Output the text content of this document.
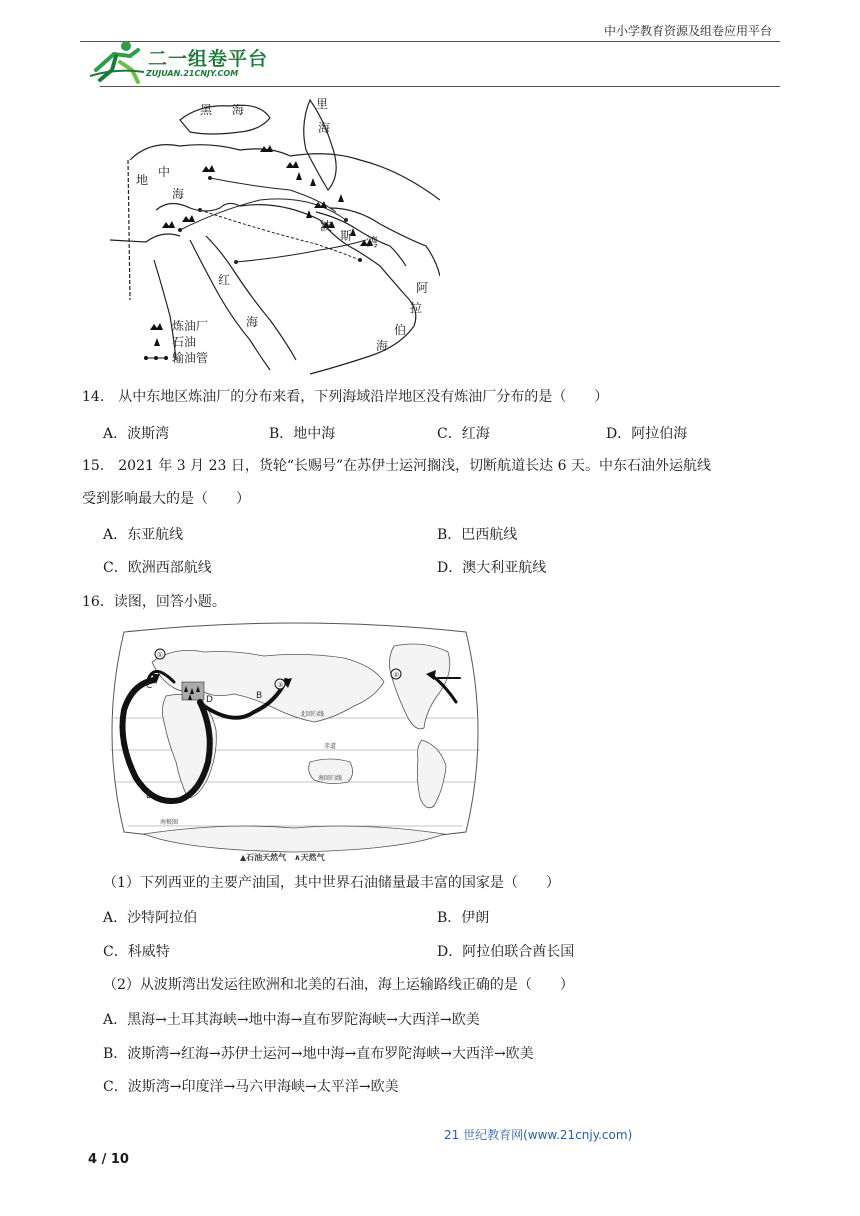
中小学教育资源及组卷应用平台
二一组卷平台
ZUJUAN.21CNJY.COM
黑 海	里
海
地
中
海
波
斯 湾
红
海
阿
拉
伯
海
炼油厂
石油
输油管
14.　从中东地区炼油厂的分布来看，下列海域沿岸地区没有炼油厂分布的是（　　）
A．波斯湾	B．地中海	C．红海	D．阿拉伯海
15.　2021 年 3 月 23 日，货轮“长赐号”在苏伊士运河搁浅，切断航道长达 6 天。中东石油外运航线
受到影响最大的是（　　）
A．东亚航线	B．巴西航线
C．欧洲西部航线	D．澳大利亚航线
16．读图，回答小题。
北回归线
赤道
南回归线
南极圈
A
B
C
D
E
①
②
③
▲石油天然气　∧天然气
（1）下列西亚的主要产油国，其中世界石油储量最丰富的国家是（　　）
A．沙特阿拉伯	B．伊朗
C．科威特	D．阿拉伯联合酋长国
（2）从波斯湾出发运往欧洲和北美的石油，海上运输路线正确的是（　　）
A．黑海→土耳其海峡→地中海→直布罗陀海峡→大西洋→欧美
B．波斯湾→红海→苏伊士运河→地中海→直布罗陀海峡→大西洋→欧美
C．波斯湾→印度洋→马六甲海峡→太平洋→欧美
21 世纪教育网(www.21cnjy.com)
4 / 10
